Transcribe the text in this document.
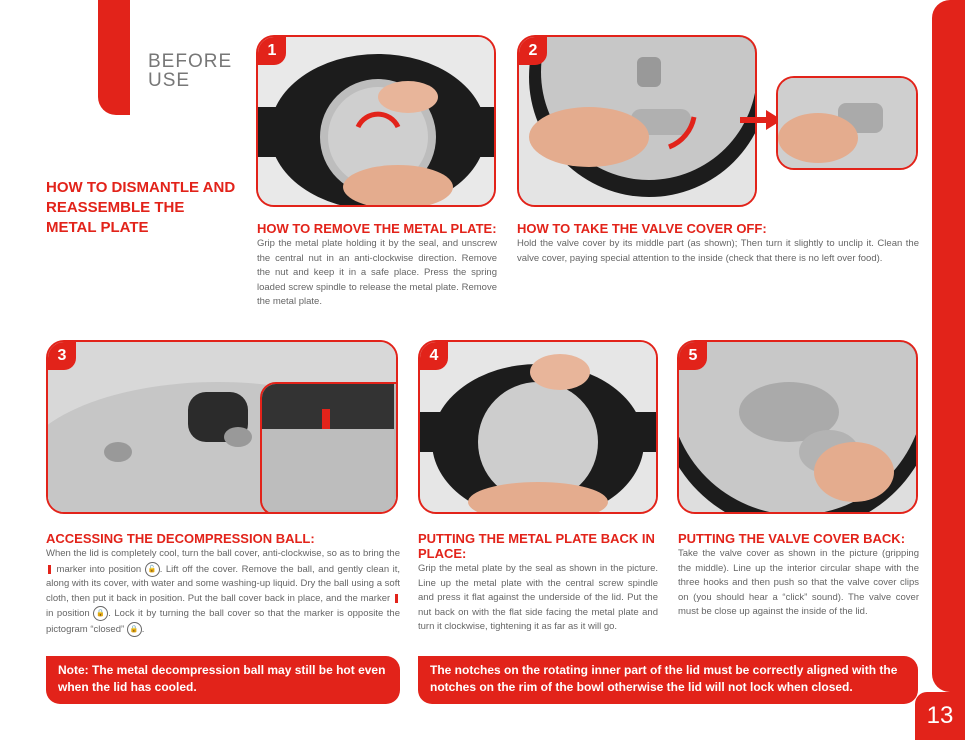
BEFORE
USE
HOW TO DISMANTLE AND REASSEMBLE THE METAL PLATE
1	2
HOW TO REMOVE THE METAL PLATE:
Grip the metal plate holding it by the seal, and unscrew the central nut in an anti-clockwise direction. Remove the nut and keep it in a safe place. Press the spring loaded screw spindle to release the metal plate. Remove the metal plate.
HOW TO TAKE THE VALVE COVER OFF:
Hold the valve cover by its middle part (as shown); Then turn it slightly to unclip it. Clean the valve cover, paying special attention to the inside (check that there is no left over food).
3	4	5
ACCESSING THE DECOMPRESSION BALL:
When the lid is completely cool, turn the ball cover, anti-clockwise, so as to bring the  marker into position 🔓 . Lift off the cover. Remove the ball, and gently clean it, along with its cover, with water and some washing-up liquid. Dry the ball using a soft cloth, then put it back in position. Put the ball cover back in place, and the marker  in position 🔒 . Lock it by turning the ball cover so that the marker is opposite the pictogram “closed” 🔒 .
PUTTING THE METAL PLATE BACK IN PLACE:
Grip the metal plate by the seal as shown in the picture. Line up the metal plate with the central screw spindle and press it flat against the underside of the lid. Put the nut back on with the flat side facing the metal plate and turn it clockwise, tightening it as far as it will go.
PUTTING THE VALVE COVER BACK:
Take the valve cover as shown in the picture (gripping the middle). Line up the interior circular shape with the three hooks and then push so that the valve cover clips on (you should hear a “click” sound). The valve cover must be close up against the inside of the lid.
Note: The metal decompression ball may still be hot even when the lid has cooled.
The notches on the rotating inner part of the lid must be correctly aligned with the notches on the rim of the bowl otherwise the lid will not lock when closed.
13
